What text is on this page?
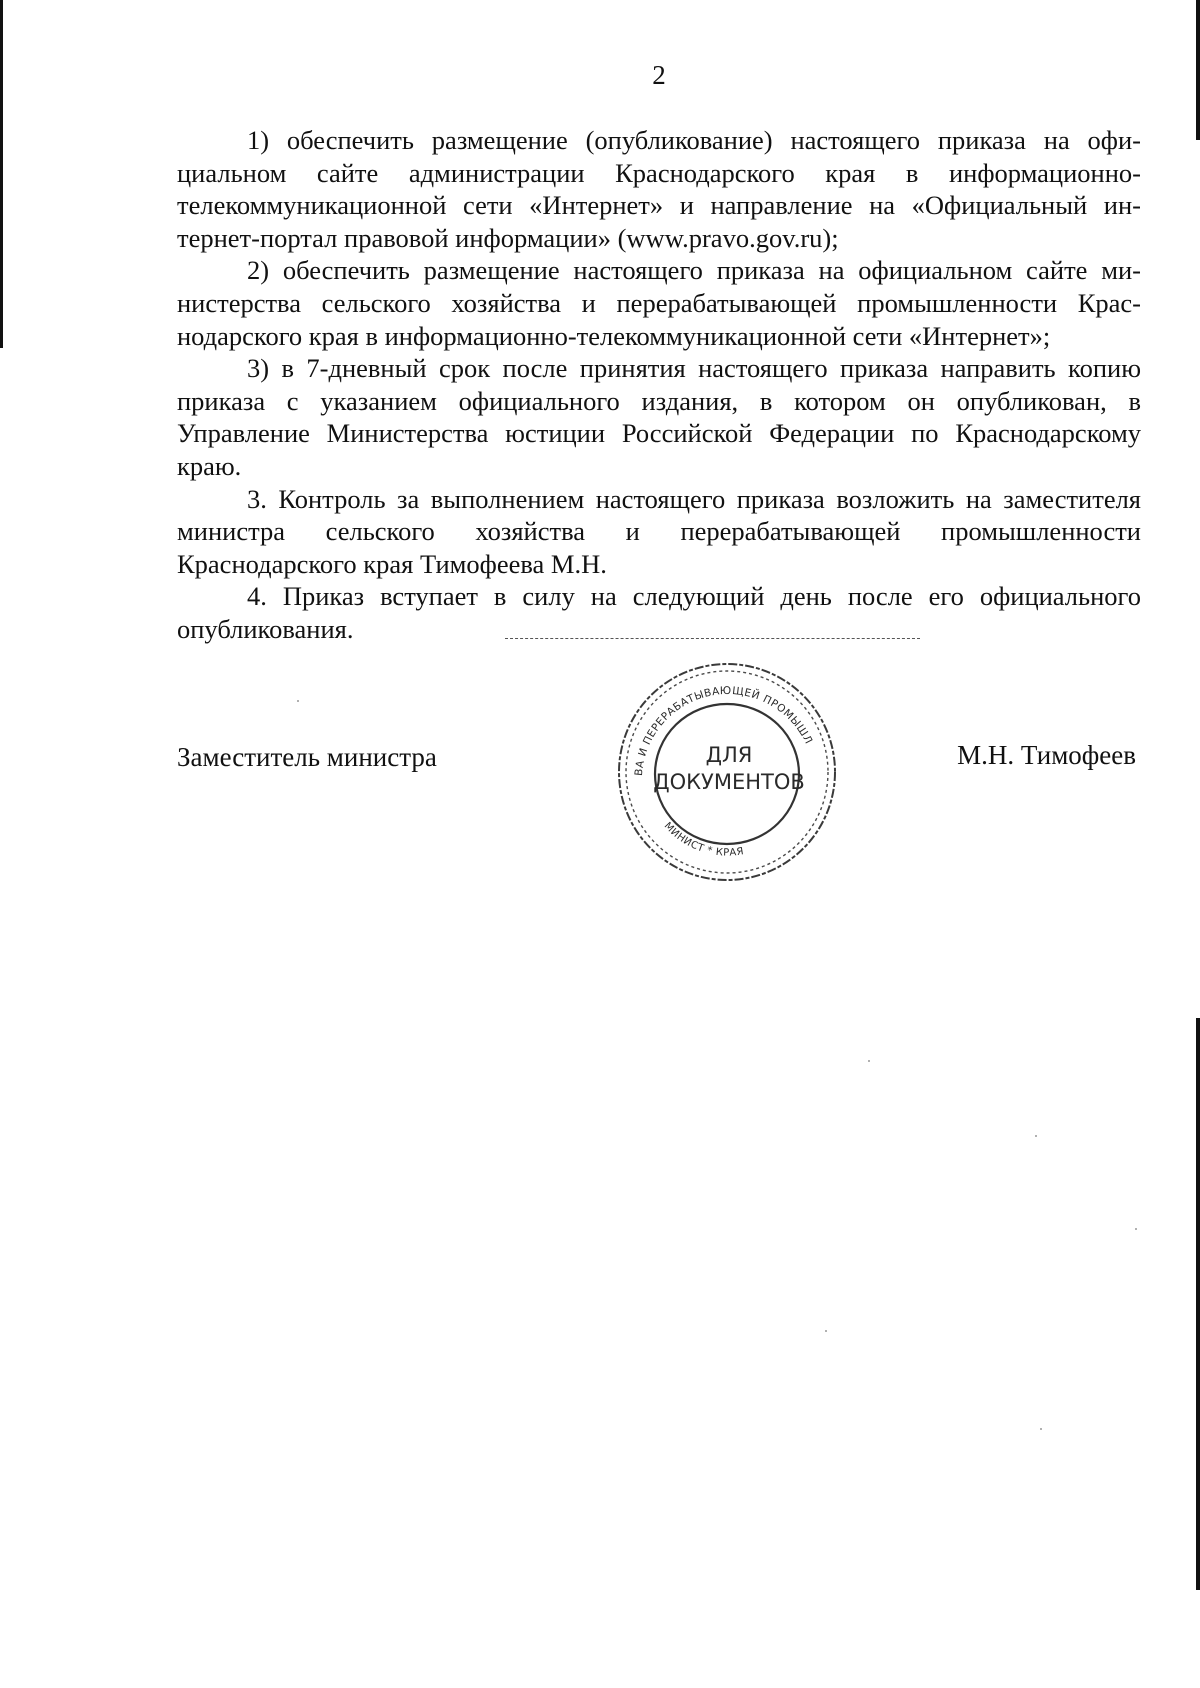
2

1) обеспечить размещение (опубликование) настоящего приказа на официальном сайте администрации Краснодарского края в информационно-телекоммуникационной сети «Интернет» и направление на «Официальный интернет-портал правовой информации» (www.pravo.gov.ru);

2) обеспечить размещение настоящего приказа на официальном сайте министерства сельского хозяйства и перерабатывающей промышленности Краснодарского края в информационно-телекоммуникационной сети «Интернет»;

3) в 7-дневный срок после принятия настоящего приказа направить копию приказа с указанием официального издания, в котором он опубликован, в Управление Министерства юстиции Российской Федерации по Краснодарскому краю.

3. Контроль за выполнением настоящего приказа возложить на заместителя министра сельского хозяйства и перерабатывающей промышленности Краснодарского края Тимофеева М.Н.

4. Приказ вступает в силу на следующий день после его официального опубликования.

Заместитель министра	ВА И ПЕРЕРАБАТЫВАЮЩЕЙ ПРОМЫШЛ
МИНИСТ * КРАЯ
ДЛЯ
ДОКУМЕНТОВ
М.Н. Тимофеев
